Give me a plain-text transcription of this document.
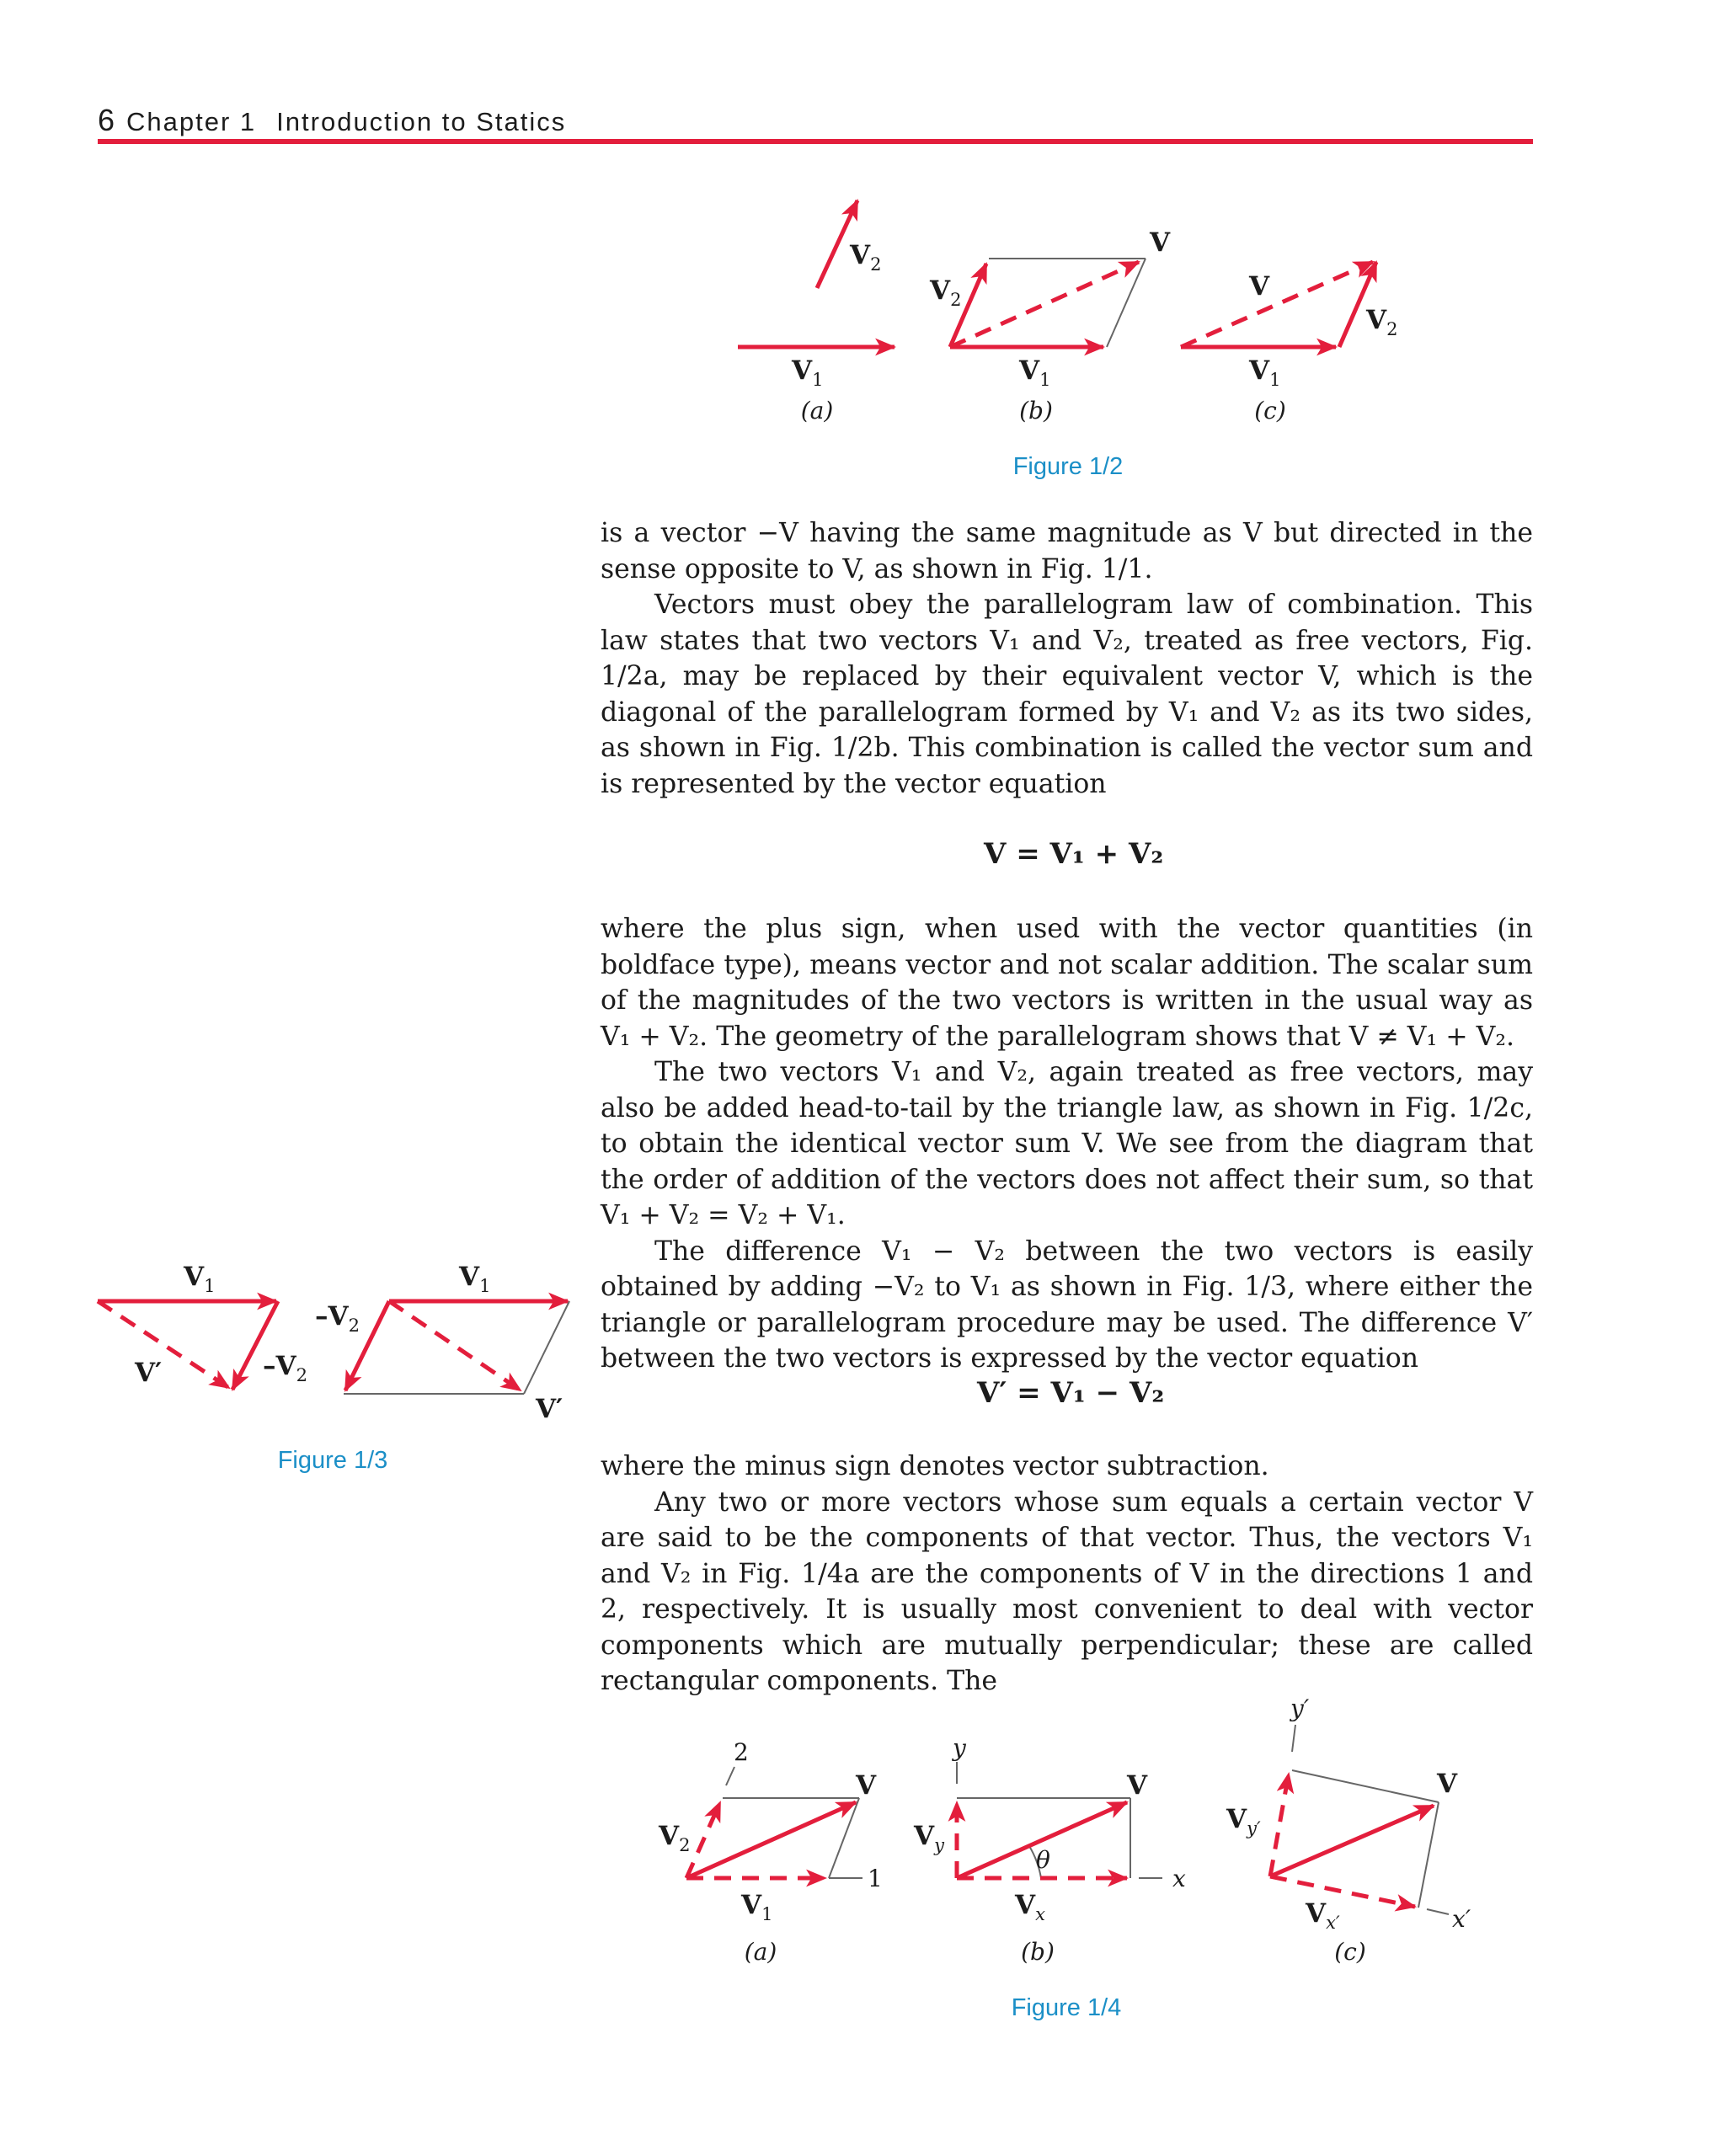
6 Chapter 1 Introduction to Statics
$V_2$
$V_1$
(a)
V
$V_2$
$V_1$
(b)
V
$V_2$
$V_1$
(c)
$V_1$
$-V_2$
V′
$V_1$
$-V_2$
V′
2
1
V
$V_2$
$V_1$
(a)
y
x
θ
V
$V_y$
$V_x$
(b)
y′
x′
V
$V_{y'}$
$V_{x'}$
(c)
Figure 1/2
Figure 1/3
Figure 1/4

is a vector −V having the same magnitude as V but directed in the sense opposite to V, as shown in Fig. 1/1.

Vectors must obey the parallelogram law of combination. This law states that two vectors V₁ and V₂, treated as free vectors, Fig. 1/2a, may be replaced by their equivalent vector V, which is the diagonal of the parallelogram formed by V₁ and V₂ as its two sides, as shown in Fig. 1/2b. This combination is called the vector sum and is represented by the vector equation

V = V₁ + V₂

where the plus sign, when used with the vector quantities (in boldface type), means vector and not scalar addition. The scalar sum of the magnitudes of the two vectors is written in the usual way as V₁ + V₂. The geometry of the parallelogram shows that V ≠ V₁ + V₂.

The two vectors V₁ and V₂, again treated as free vectors, may also be added head-to-tail by the triangle law, as shown in Fig. 1/2c, to obtain the identical vector sum V. We see from the diagram that the order of addition of the vectors does not affect their sum, so that V₁ + V₂ = V₂ + V₁.

The difference V₁ − V₂ between the two vectors is easily obtained by adding −V₂ to V₁ as shown in Fig. 1/3, where either the triangle or parallelogram procedure may be used. The difference V′ between the two vectors is expressed by the vector equation

V′ = V₁ − V₂

where the minus sign denotes vector subtraction.

Any two or more vectors whose sum equals a certain vector V are said to be the components of that vector. Thus, the vectors V₁ and V₂ in Fig. 1/4a are the components of V in the directions 1 and 2, respectively. It is usually most convenient to deal with vector components which are mutually perpendicular; these are called rectangular components. The
